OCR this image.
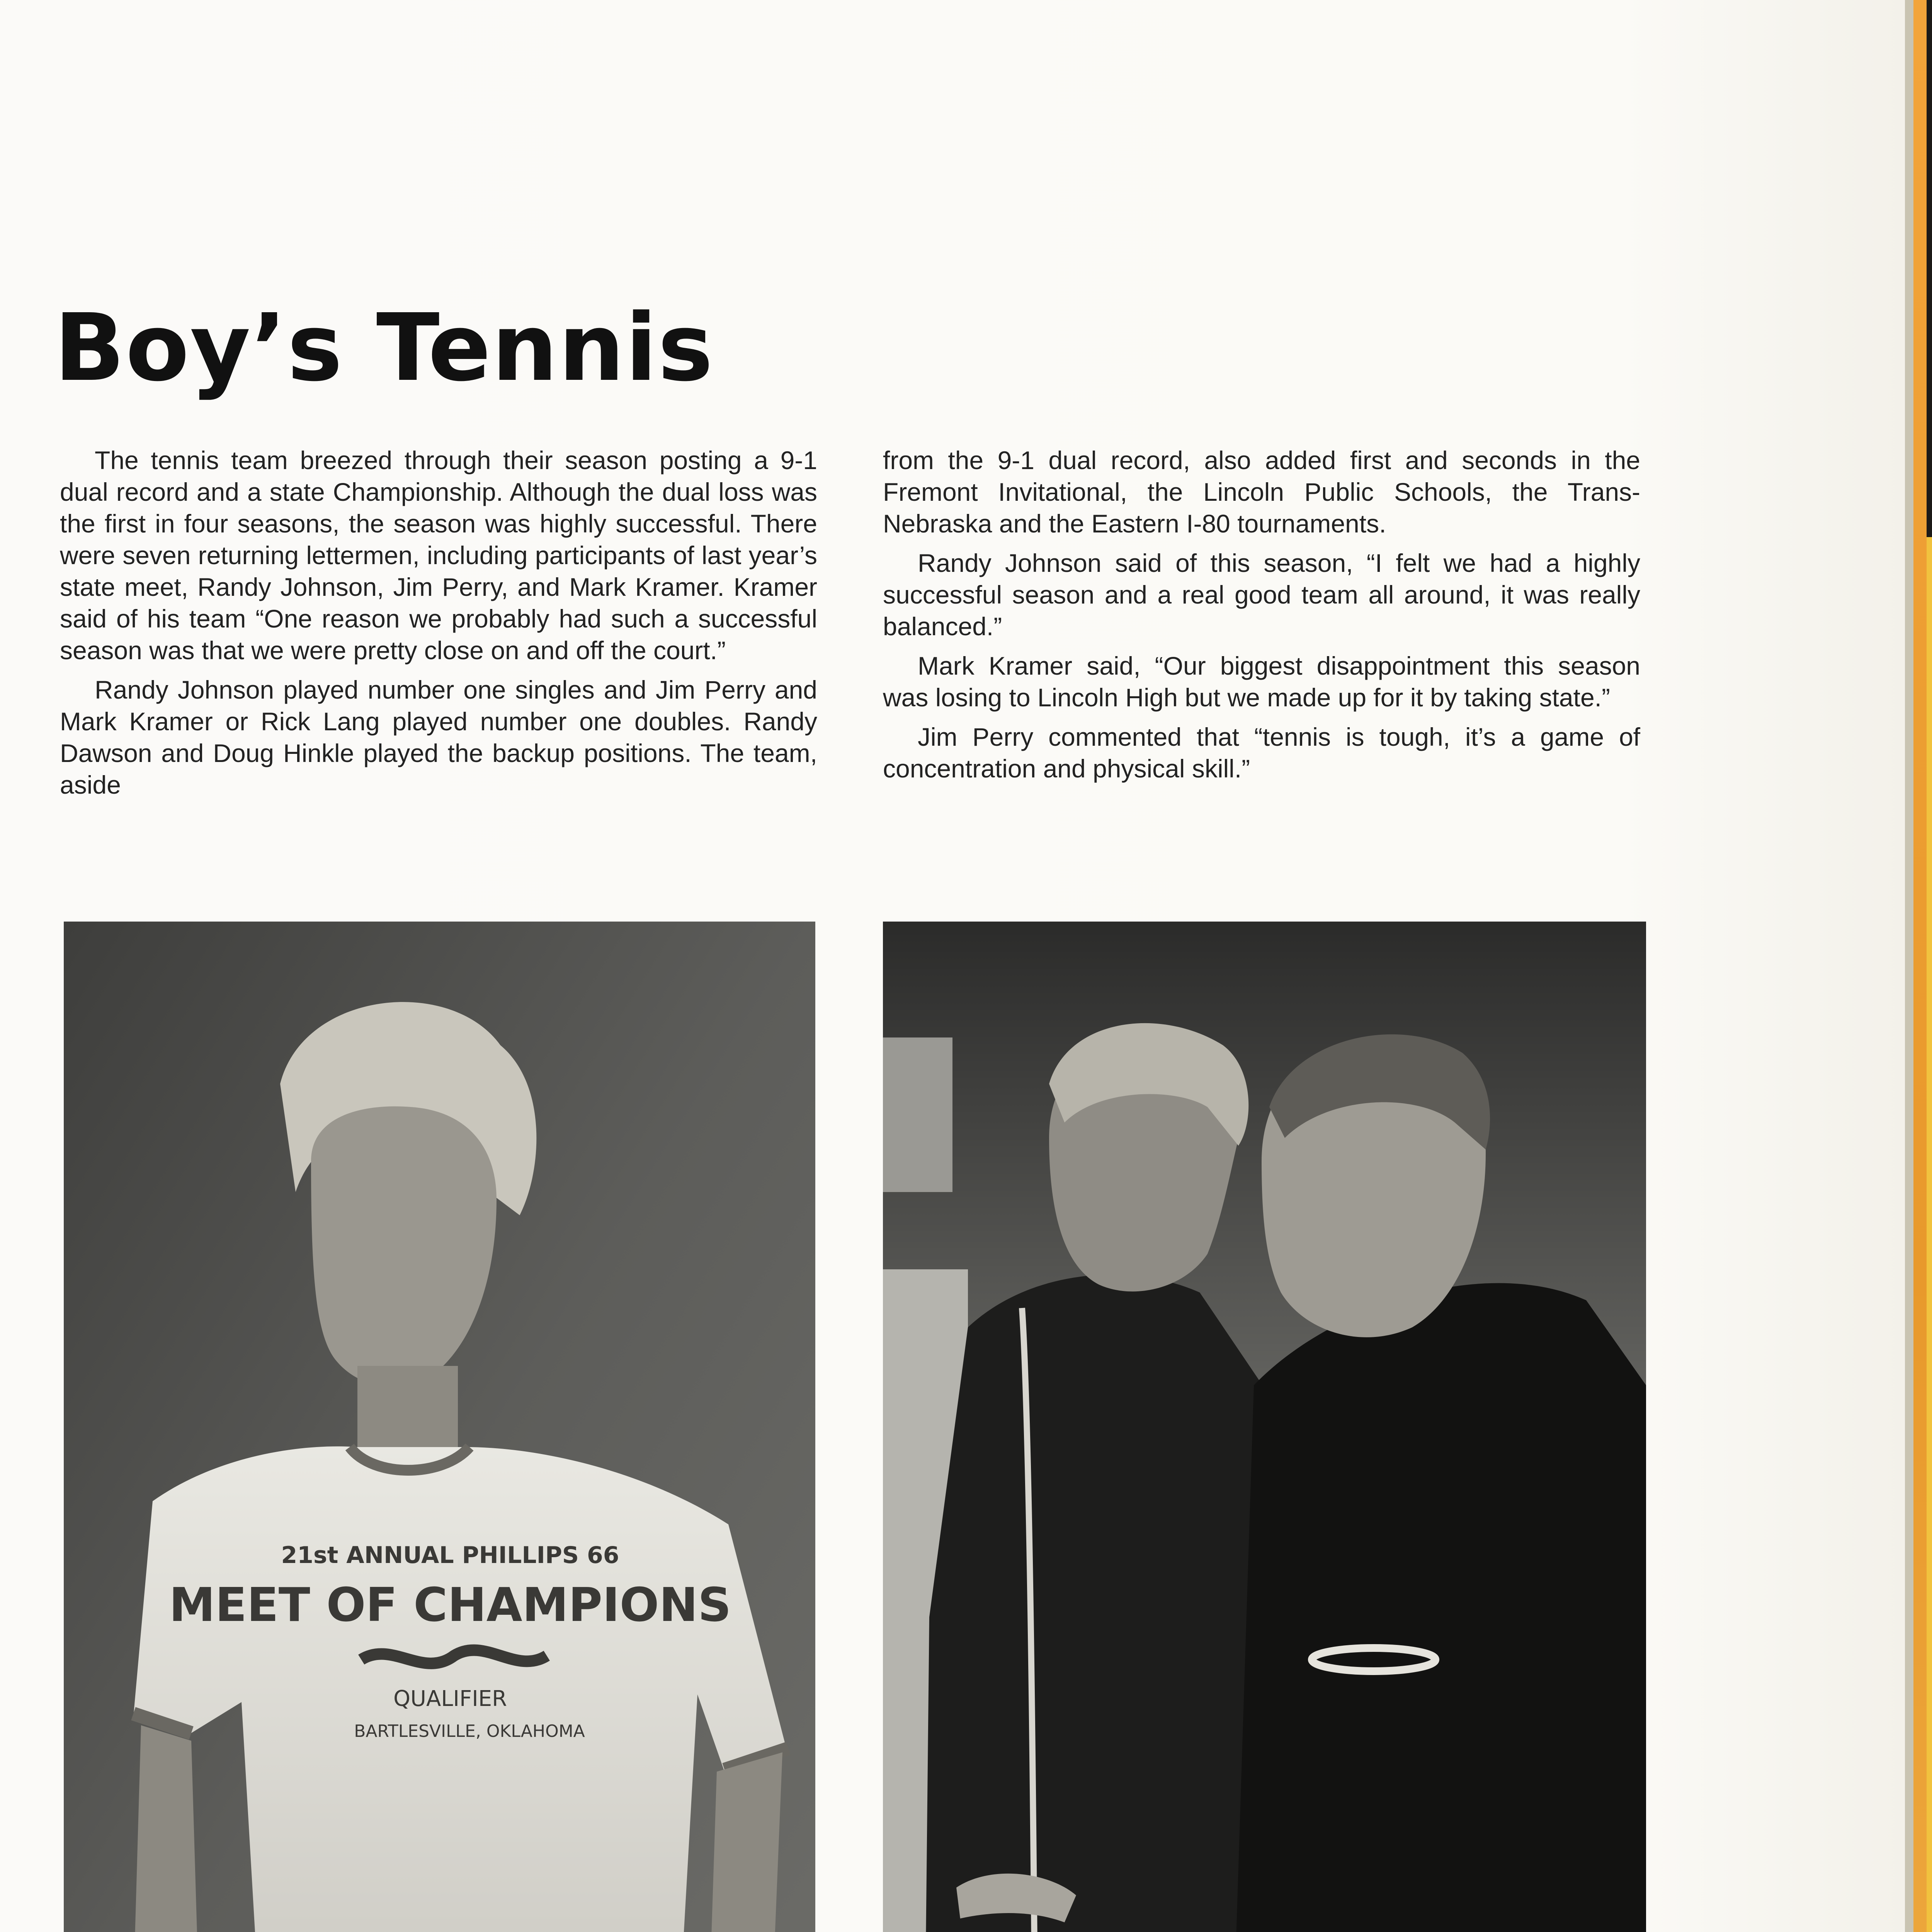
Boy’s Tennis

The tennis team breezed through their season posting a 9-1 dual record and a state Championship. Although the dual loss was the first in four seasons, the season was highly successful. There were seven returning lettermen, including participants of last year’s state meet, Randy Johnson, Jim Perry, and Mark Kramer. Kramer said of his team “One reason we probably had such a successful season was that we were pretty close on and off the court.”

Randy Johnson played number one singles and Jim Perry and Mark Kramer or Rick Lang played number one doubles. Randy Dawson and Doug Hinkle played the backup positions. The team, aside

from the 9-1 dual record, also added first and seconds in the Fremont Invitational, the Lincoln Public Schools, the Trans-Nebraska and the Eastern I-80 tournaments.

Randy Johnson said of this season, “I felt we had a highly successful season and a real good team all around, it was really balanced.”

Mark Kramer said, “Our biggest disappointment this season was losing to Lincoln High but we made up for it by taking state.”

Jim Perry commented that “tennis is tough, it’s a game of concentration and physical skill.”

21st ANNUAL PHILLIPS 66
MEET OF CHAMPIONS
QUALIFIER
BARTLESVILLE, OKLAHOMA
